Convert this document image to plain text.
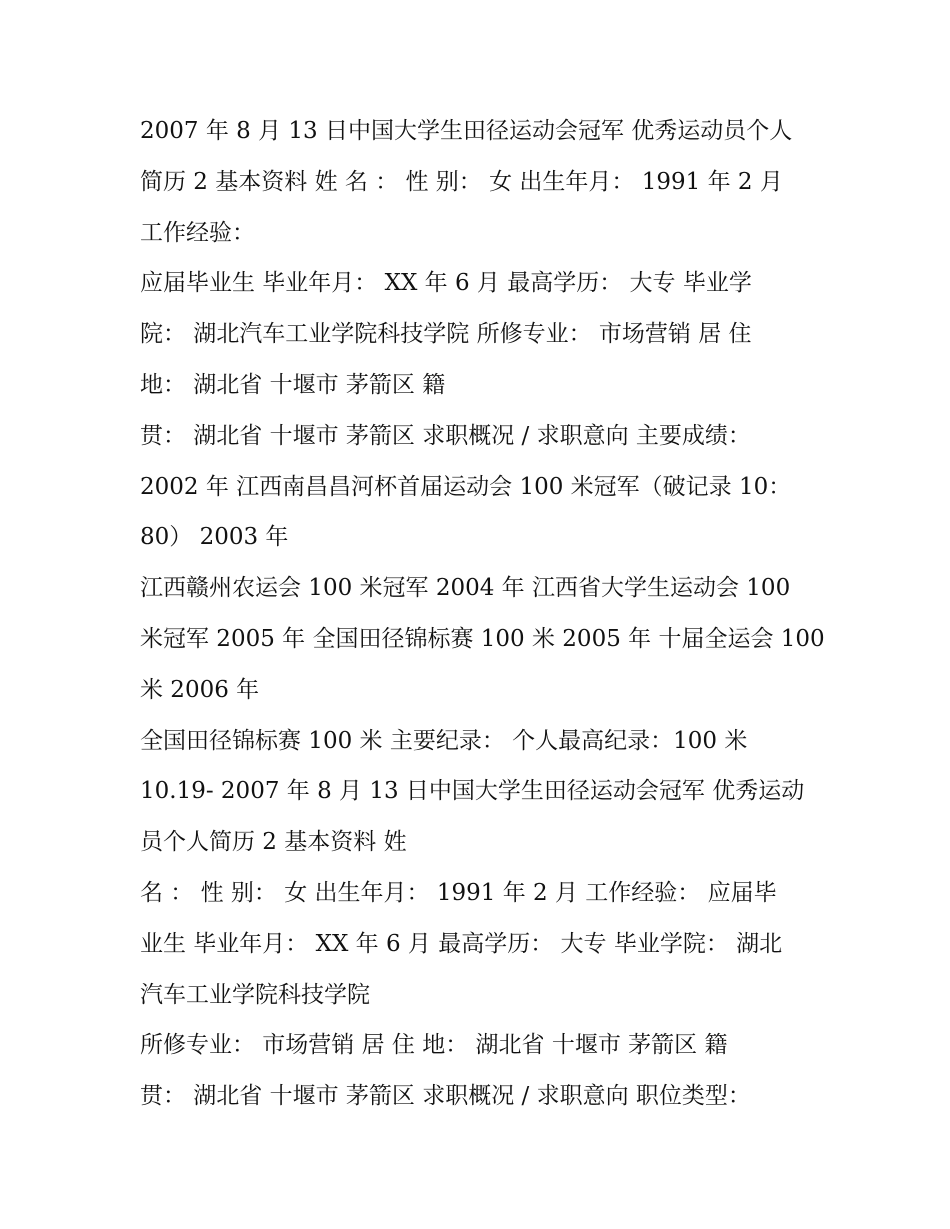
2007 年 8 月 13 日中国大学生田径运动会冠军 优秀运动员个人
简历 2 基本资料 姓 名 ： 性 别： 女 出生年月： 1991 年 2 月
工作经验：
应届毕业生 毕业年月： XX 年 6 月 最高学历： 大专 毕业学
院： 湖北汽车工业学院科技学院 所修专业： 市场营销 居 住
地： 湖北省 十堰市 茅箭区 籍
贯： 湖北省 十堰市 茅箭区 求职概况 / 求职意向 主要成绩：
2002 年 江西南昌昌河杯首届运动会 100 米冠军（破记录 10：
80） 2003 年
江西赣州农运会 100 米冠军 2004 年 江西省大学生运动会 100
米冠军 2005 年 全国田径锦标赛 100 米 2005 年 十届全运会 100
米 2006 年
全国田径锦标赛 100 米 主要纪录： 个人最高纪录：100 米
10.19- 2007 年 8 月 13 日中国大学生田径运动会冠军 优秀运动
员个人简历 2 基本资料 姓
名 ： 性 别： 女 出生年月： 1991 年 2 月 工作经验： 应届毕
业生 毕业年月： XX 年 6 月 最高学历： 大专 毕业学院： 湖北
汽车工业学院科技学院
所修专业： 市场营销 居 住 地： 湖北省 十堰市 茅箭区 籍
贯： 湖北省 十堰市 茅箭区 求职概况 / 求职意向 职位类型：
